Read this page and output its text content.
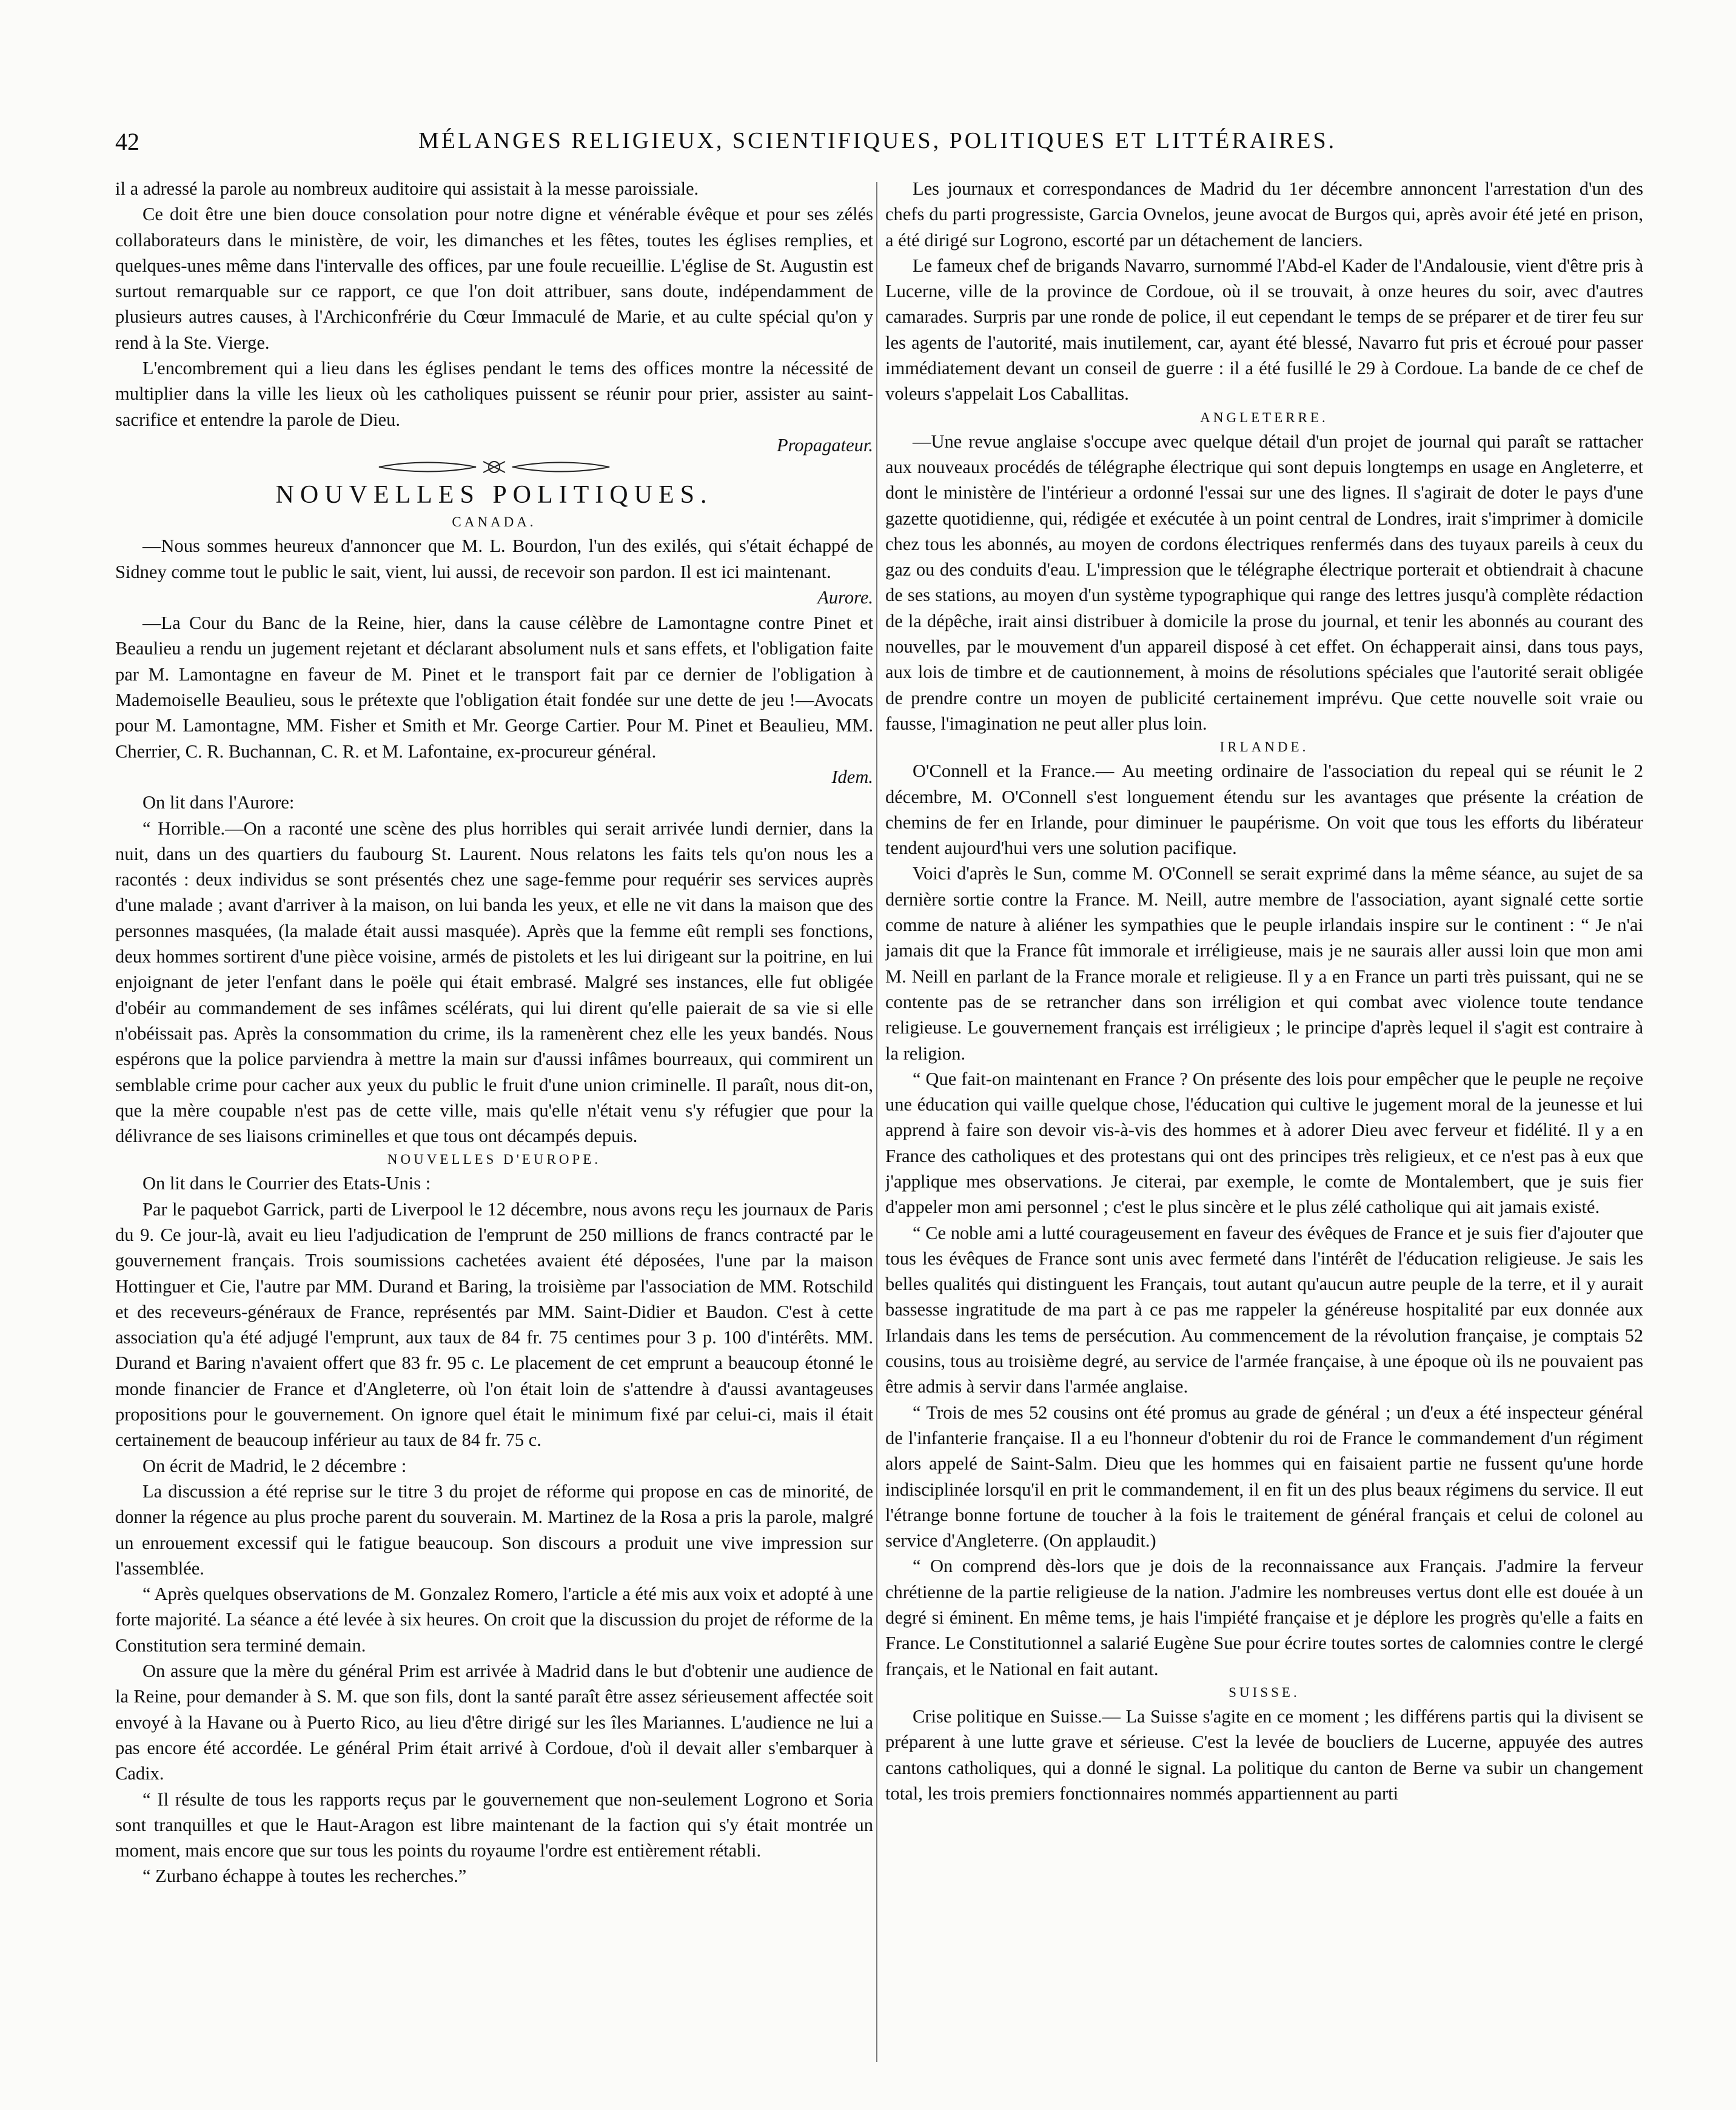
42	MÉLANGES RELIGIEUX, SCIENTIFIQUES, POLITIQUES ET LITTÉRAIRES.

il a adressé la parole au nombreux auditoire qui assistait à la messe paroissiale.

Ce doit être une bien douce consolation pour notre digne et vénérable évêque et pour ses zélés collaborateurs dans le ministère, de voir, les dimanches et les fêtes, toutes les églises remplies, et quelques-unes même dans l'intervalle des offices, par une foule recueillie. L'église de St. Augustin est surtout remarquable sur ce rapport, ce que l'on doit attribuer, sans doute, indépendamment de plusieurs autres causes, à l'Archiconfrérie du Cœur Immaculé de Marie, et au culte spécial qu'on y rend à la Ste. Vierge.

L'encombrement qui a lieu dans les églises pendant le tems des offices montre la nécessité de multiplier dans la ville les lieux où les catholiques puissent se réunir pour prier, assister au saint-sacrifice et entendre la parole de Dieu.

Propagateur.
NOUVELLES POLITIQUES.
CANADA.

—Nous sommes heureux d'annoncer que M. L. Bourdon, l'un des exilés, qui s'était échappé de Sidney comme tout le public le sait, vient, lui aussi, de recevoir son pardon. Il est ici maintenant.

Aurore.

—La Cour du Banc de la Reine, hier, dans la cause célèbre de Lamontagne contre Pinet et Beaulieu a rendu un jugement rejetant et déclarant absolument nuls et sans effets, et l'obligation faite par M. Lamontagne en faveur de M. Pinet et le transport fait par ce dernier de l'obligation à Mademoiselle Beaulieu, sous le prétexte que l'obligation était fondée sur une dette de jeu !—Avocats pour M. Lamontagne, MM. Fisher et Smith et Mr. George Cartier. Pour M. Pinet et Beaulieu, MM. Cherrier, C. R. Buchannan, C. R. et M. Lafontaine, ex-procureur général.

Idem.

On lit dans l'Aurore:

“ Horrible.—On a raconté une scène des plus horribles qui serait arrivée lundi dernier, dans la nuit, dans un des quartiers du faubourg St. Laurent. Nous relatons les faits tels qu'on nous les a racontés : deux individus se sont présentés chez une sage-femme pour requérir ses services auprès d'une malade ; avant d'arriver à la maison, on lui banda les yeux, et elle ne vit dans la maison que des personnes masquées, (la malade était aussi masquée). Après que la femme eût rempli ses fonctions, deux hommes sortirent d'une pièce voisine, armés de pistolets et les lui dirigeant sur la poitrine, en lui enjoignant de jeter l'enfant dans le poële qui était embrasé. Malgré ses instances, elle fut obligée d'obéir au commandement de ses infâmes scélérats, qui lui dirent qu'elle paierait de sa vie si elle n'obéissait pas. Après la consommation du crime, ils la ramenèrent chez elle les yeux bandés. Nous espérons que la police parviendra à mettre la main sur d'aussi infâmes bourreaux, qui commirent un semblable crime pour cacher aux yeux du public le fruit d'une union criminelle. Il paraît, nous dit-on, que la mère coupable n'est pas de cette ville, mais qu'elle n'était venu s'y réfugier que pour la délivrance de ses liaisons criminelles et que tous ont décampés depuis.

NOUVELLES D'EUROPE.

On lit dans le Courrier des Etats-Unis :

Par le paquebot Garrick, parti de Liverpool le 12 décembre, nous avons reçu les journaux de Paris du 9. Ce jour-là, avait eu lieu l'adjudication de l'emprunt de 250 millions de francs contracté par le gouvernement français. Trois soumissions cachetées avaient été déposées, l'une par la maison Hottinguer et Cie, l'autre par MM. Durand et Baring, la troisième par l'association de MM. Rotschild et des receveurs-généraux de France, représentés par MM. Saint-Didier et Baudon. C'est à cette association qu'a été adjugé l'emprunt, aux taux de 84 fr. 75 centimes pour 3 p. 100 d'intérêts. MM. Durand et Baring n'avaient offert que 83 fr. 95 c. Le placement de cet emprunt a beaucoup étonné le monde financier de France et d'Angleterre, où l'on était loin de s'attendre à d'aussi avantageuses propositions pour le gouvernement. On ignore quel était le minimum fixé par celui-ci, mais il était certainement de beaucoup inférieur au taux de 84 fr. 75 c.

On écrit de Madrid, le 2 décembre :

La discussion a été reprise sur le titre 3 du projet de réforme qui propose en cas de minorité, de donner la régence au plus proche parent du souverain. M. Martinez de la Rosa a pris la parole, malgré un enrouement excessif qui le fatigue beaucoup. Son discours a produit une vive impression sur l'assemblée.

“ Après quelques observations de M. Gonzalez Romero, l'article a été mis aux voix et adopté à une forte majorité. La séance a été levée à six heures. On croit que la discussion du projet de réforme de la Constitution sera terminé demain.

On assure que la mère du général Prim est arrivée à Madrid dans le but d'obtenir une audience de la Reine, pour demander à S. M. que son fils, dont la santé paraît être assez sérieusement affectée soit envoyé à la Havane ou à Puerto Rico, au lieu d'être dirigé sur les îles Mariannes. L'audience ne lui a pas encore été accordée. Le général Prim était arrivé à Cordoue, d'où il devait aller s'embarquer à Cadix.

“ Il résulte de tous les rapports reçus par le gouvernement que non-seulement Logrono et Soria sont tranquilles et que le Haut-Aragon est libre maintenant de la faction qui s'y était montrée un moment, mais encore que sur tous les points du royaume l'ordre est entièrement rétabli.

“ Zurbano échappe à toutes les recherches.”

Les journaux et correspondances de Madrid du 1er décembre annoncent l'arrestation d'un des chefs du parti progressiste, Garcia Ovnelos, jeune avocat de Burgos qui, après avoir été jeté en prison, a été dirigé sur Logrono, escorté par un détachement de lanciers.

Le fameux chef de brigands Navarro, surnommé l'Abd-el Kader de l'Andalousie, vient d'être pris à Lucerne, ville de la province de Cordoue, où il se trouvait, à onze heures du soir, avec d'autres camarades. Surpris par une ronde de police, il eut cependant le temps de se préparer et de tirer feu sur les agents de l'autorité, mais inutilement, car, ayant été blessé, Navarro fut pris et écroué pour passer immédiatement devant un conseil de guerre : il a été fusillé le 29 à Cordoue. La bande de ce chef de voleurs s'appelait Los Caballitas.

ANGLETERRE.

—Une revue anglaise s'occupe avec quelque détail d'un projet de journal qui paraît se rattacher aux nouveaux procédés de télégraphe électrique qui sont depuis longtemps en usage en Angleterre, et dont le ministère de l'intérieur a ordonné l'essai sur une des lignes. Il s'agirait de doter le pays d'une gazette quotidienne, qui, rédigée et exécutée à un point central de Londres, irait s'imprimer à domicile chez tous les abonnés, au moyen de cordons électriques renfermés dans des tuyaux pareils à ceux du gaz ou des conduits d'eau. L'impression que le télégraphe électrique porterait et obtiendrait à chacune de ses stations, au moyen d'un système typographique qui range des lettres jusqu'à complète rédaction de la dépêche, irait ainsi distribuer à domicile la prose du journal, et tenir les abonnés au courant des nouvelles, par le mouvement d'un appareil disposé à cet effet. On échapperait ainsi, dans tous pays, aux lois de timbre et de cautionnement, à moins de résolutions spéciales que l'autorité serait obligée de prendre contre un moyen de publicité certainement imprévu. Que cette nouvelle soit vraie ou fausse, l'imagination ne peut aller plus loin.

IRLANDE.

O'Connell et la France.— Au meeting ordinaire de l'association du repeal qui se réunit le 2 décembre, M. O'Connell s'est longuement étendu sur les avantages que présente la création de chemins de fer en Irlande, pour diminuer le paupérisme. On voit que tous les efforts du libérateur tendent aujourd'hui vers une solution pacifique.

Voici d'après le Sun, comme M. O'Connell se serait exprimé dans la même séance, au sujet de sa dernière sortie contre la France. M. Neill, autre membre de l'association, ayant signalé cette sortie comme de nature à aliéner les sympathies que le peuple irlandais inspire sur le continent : “ Je n'ai jamais dit que la France fût immorale et irréligieuse, mais je ne saurais aller aussi loin que mon ami M. Neill en parlant de la France morale et religieuse. Il y a en France un parti très puissant, qui ne se contente pas de se retrancher dans son irréligion et qui combat avec violence toute tendance religieuse. Le gouvernement français est irréligieux ; le principe d'après lequel il s'agit est contraire à la religion.

“ Que fait-on maintenant en France ? On présente des lois pour empêcher que le peuple ne reçoive une éducation qui vaille quelque chose, l'éducation qui cultive le jugement moral de la jeunesse et lui apprend à faire son devoir vis-à-vis des hommes et à adorer Dieu avec ferveur et fidélité. Il y a en France des catholiques et des protestans qui ont des principes très religieux, et ce n'est pas à eux que j'applique mes observations. Je citerai, par exemple, le comte de Montalembert, que je suis fier d'appeler mon ami personnel ; c'est le plus sincère et le plus zélé catholique qui ait jamais existé.

“ Ce noble ami a lutté courageusement en faveur des évêques de France et je suis fier d'ajouter que tous les évêques de France sont unis avec fermeté dans l'intérêt de l'éducation religieuse. Je sais les belles qualités qui distinguent les Français, tout autant qu'aucun autre peuple de la terre, et il y aurait bassesse ingratitude de ma part à ce pas me rappeler la généreuse hospitalité par eux donnée aux Irlandais dans les tems de persécution. Au commencement de la révolution française, je comptais 52 cousins, tous au troisième degré, au service de l'armée française, à une époque où ils ne pouvaient pas être admis à servir dans l'armée anglaise.

“ Trois de mes 52 cousins ont été promus au grade de général ; un d'eux a été inspecteur général de l'infanterie française. Il a eu l'honneur d'obtenir du roi de France le commandement d'un régiment alors appelé de Saint-Salm. Dieu que les hommes qui en faisaient partie ne fussent qu'une horde indisciplinée lorsqu'il en prit le commandement, il en fit un des plus beaux régimens du service. Il eut l'étrange bonne fortune de toucher à la fois le traitement de général français et celui de colonel au service d'Angleterre. (On applaudit.)

“ On comprend dès-lors que je dois de la reconnaissance aux Français. J'admire la ferveur chrétienne de la partie religieuse de la nation. J'admire les nombreuses vertus dont elle est douée à un degré si éminent. En même tems, je hais l'impiété française et je déplore les progrès qu'elle a faits en France. Le Constitutionnel a salarié Eugène Sue pour écrire toutes sortes de calomnies contre le clergé français, et le National en fait autant.

SUISSE.

Crise politique en Suisse.— La Suisse s'agite en ce moment ; les différens partis qui la divisent se préparent à une lutte grave et sérieuse. C'est la levée de boucliers de Lucerne, appuyée des autres cantons catholiques, qui a donné le signal. La politique du canton de Berne va subir un changement total, les trois premiers fonctionnaires nommés appartiennent au parti
